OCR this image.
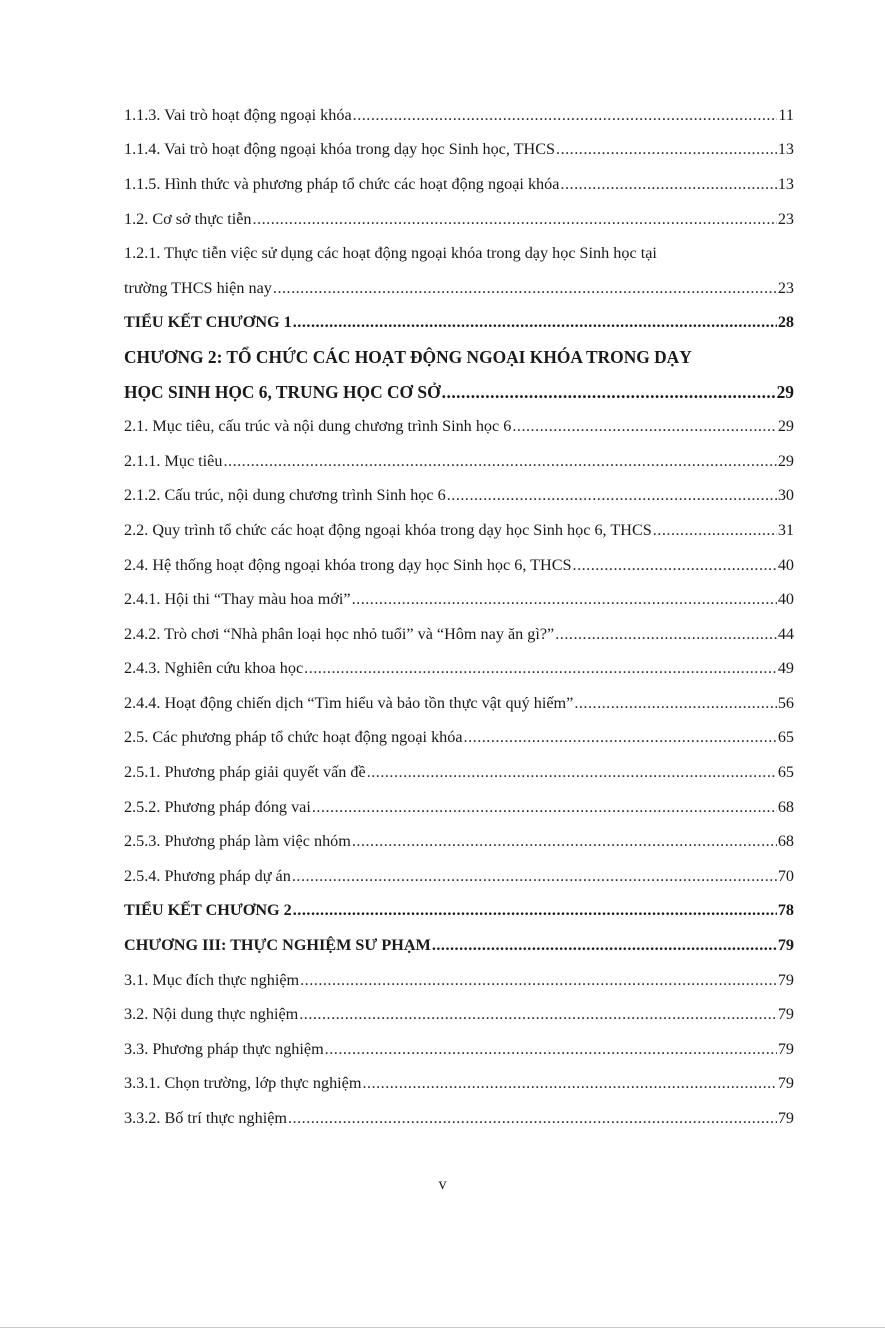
1.1.3. Vai trò hoạt động ngoại khóa .....	11
1.1.4. Vai trò hoạt động ngoại khóa trong dạy học Sinh học, THCS .....	13
1.1.5. Hình thức và phương pháp tổ chức các hoạt động ngoại khóa .....	13
1.2. Cơ sở thực tiễn .....	23
1.2.1. Thực tiễn việc sử dụng các hoạt động ngoại khóa trong dạy học Sinh học tại
trường THCS hiện nay .....	23
TIỂU KẾT CHƯƠNG 1 .....	28
CHƯƠNG 2: TỔ CHỨC CÁC HOẠT ĐỘNG NGOẠI KHÓA TRONG DẠY
HỌC SINH HỌC 6, TRUNG HỌC CƠ SỞ .....	29
2.1. Mục tiêu, cấu trúc và nội dung chương trình Sinh học 6 .....	29
2.1.1. Mục tiêu .....	29
2.1.2. Cấu trúc, nội dung chương trình Sinh học 6 .....	30
2.2. Quy trình tổ chức các hoạt động ngoại khóa trong dạy học Sinh học 6, THCS .....	31
2.4. Hệ thống hoạt động ngoại khóa trong dạy học Sinh học 6, THCS .....	40
2.4.1. Hội thi “Thay màu hoa mới” .....	40
2.4.2. Trò chơi “Nhà phân loại học nhỏ tuổi” và “Hôm nay ăn gì?” .....	44
2.4.3. Nghiên cứu khoa học .....	49
2.4.4. Hoạt động chiến dịch “Tìm hiểu và bảo tồn thực vật quý hiếm” .....	56
2.5. Các phương pháp tổ chức hoạt động ngoại khóa .....	65
2.5.1. Phương pháp giải quyết vấn đề .....	65
2.5.2. Phương pháp đóng vai .....	68
2.5.3. Phương pháp làm việc nhóm .....	68
2.5.4. Phương pháp dự án .....	70
TIỂU KẾT CHƯƠNG 2 .....	78
CHƯƠNG III: THỰC NGHIỆM SƯ PHẠM .....	79
3.1. Mục đích thực nghiệm .....	79
3.2. Nội dung thực nghiệm .....	79
3.3. Phương pháp thực nghiệm .....	79
3.3.1. Chọn trường, lớp thực nghiệm .....	79
3.3.2. Bố trí thực nghiệm .....	79
v
